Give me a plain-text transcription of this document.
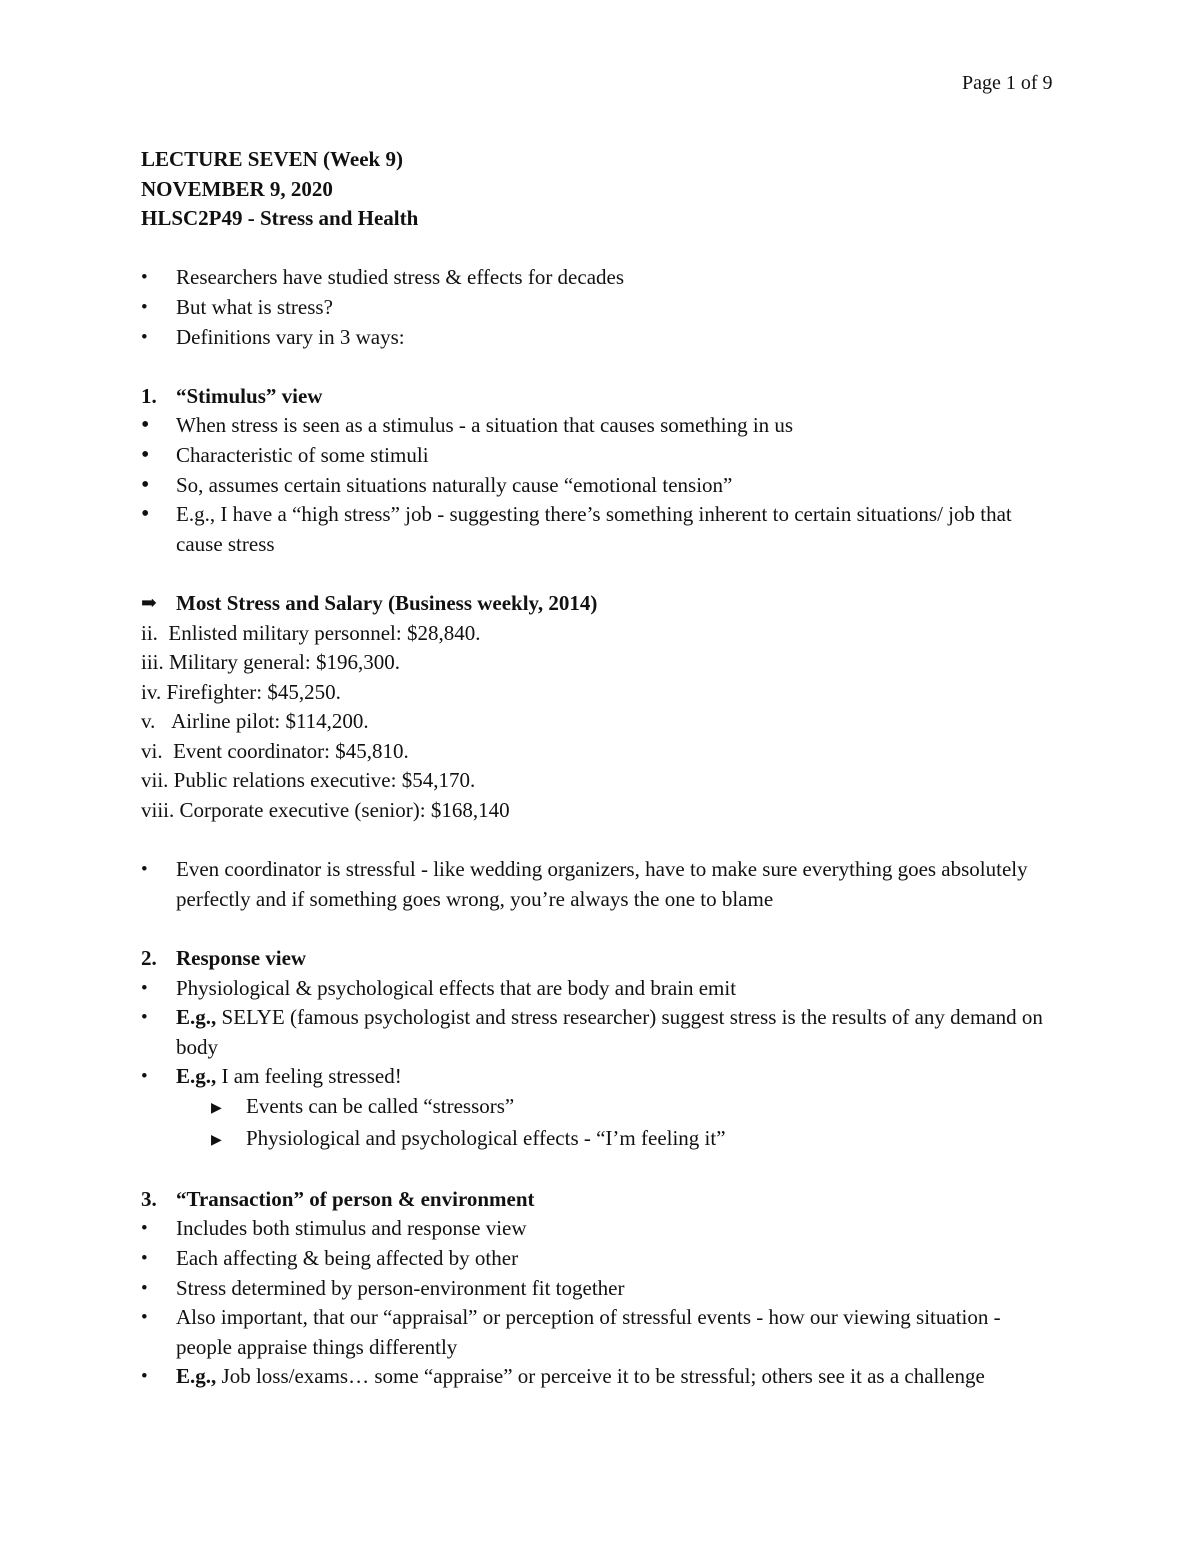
Page 1 of 9
LECTURE SEVEN (Week 9)
NOVEMBER 9, 2020
HLSC2P49 - Stress and Health
•	Researchers have studied stress & effects for decades
•	But what is stress?
•	Definitions vary in 3 ways:
1. “Stimulus” view
•	When stress is seen as a stimulus - a situation that causes something in us
•	Characteristic of some stimuli
•	So, assumes certain situations naturally cause “emotional tension”
•	E.g., I have a “high stress” job - suggesting there’s something inherent to certain situations/ job that cause stress
➡ Most Stress and Salary (Business weekly, 2014)
ii.
Enlisted military personnel: $28,840.
iii.
Military general: $196,300.
iv.
Firefighter: $45,250.
v.
Airline pilot: $114,200.
vi.
Event coordinator: $45,810.
vii.
Public relations executive: $54,170.
viii.
Corporate executive (senior): $168,140
•	Even coordinator is stressful - like wedding organizers, have to make sure everything goes absolutely perfectly and if something goes wrong, you’re always the one to blame
2. Response view
•	Physiological & psychological effects that are body and brain emit
•	E.g., SELYE (famous psychologist and stress researcher) suggest stress is the results of any demand on body
•	E.g., I am feeling stressed!
▶	Events can be called “stressors”
▶	Physiological and psychological effects - “I’m feeling it”
3. “Transaction” of person & environment
•	Includes both stimulus and response view
•	Each affecting & being affected by other
•	Stress determined by person-environment fit together
•	Also important, that our “appraisal” or perception of stressful events - how our viewing situation - people appraise things differently
•	E.g., Job loss/exams… some “appraise” or perceive it to be stressful; others see it as a challenge
